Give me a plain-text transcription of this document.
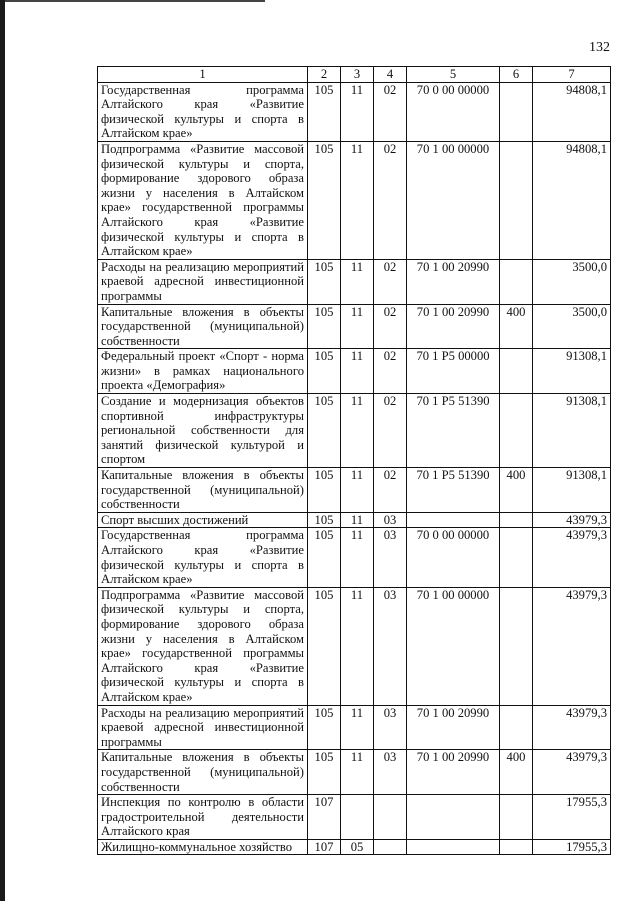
132
1	2	3	4	5	6	7
Государственная программа Алтайского края «Развитие физической культуры и спорта в Алтайском крае»	105	11	02	70 0 00 00000		94808,1
Подпрограмма «Развитие массовой физической культуры и спорта, формирование здорового образа жизни у населения в Алтайском крае» государственной программы Алтайского края «Развитие физической культуры и спорта в Алтайском крае»	105	11	02	70 1 00 00000		94808,1
Расходы на реализацию мероприятий краевой адресной инвестиционной программы	105	11	02	70 1 00 20990		3500,0
Капитальные вложения в объекты государственной (муниципальной) собственности	105	11	02	70 1 00 20990	400	3500,0
Федеральный проект «Спорт - норма жизни» в рамках национального проекта «Демография»	105	11	02	70 1 P5 00000		91308,1
Создание и модернизация объектов спортивной инфраструктуры региональной собственности для занятий физической культурой и спортом	105	11	02	70 1 P5 51390		91308,1
Капитальные вложения в объекты государственной (муниципальной) собственности	105	11	02	70 1 P5 51390	400	91308,1
Спорт высших достижений	105	11	03			43979,3
Государственная программа Алтайского края «Развитие физической культуры и спорта в Алтайском крае»	105	11	03	70 0 00 00000		43979,3
Подпрограмма «Развитие массовой физической культуры и спорта, формирование здорового образа жизни у населения в Алтайском крае» государственной программы Алтайского края «Развитие физической культуры и спорта в Алтайском крае»	105	11	03	70 1 00 00000		43979,3
Расходы на реализацию мероприятий краевой адресной инвестиционной программы	105	11	03	70 1 00 20990		43979,3
Капитальные вложения в объекты государственной (муниципальной) собственности	105	11	03	70 1 00 20990	400	43979,3
Инспекция по контролю в области градостроительной деятельности Алтайского края	107					17955,3
Жилищно-коммунальное хозяйство	107	05				17955,3
